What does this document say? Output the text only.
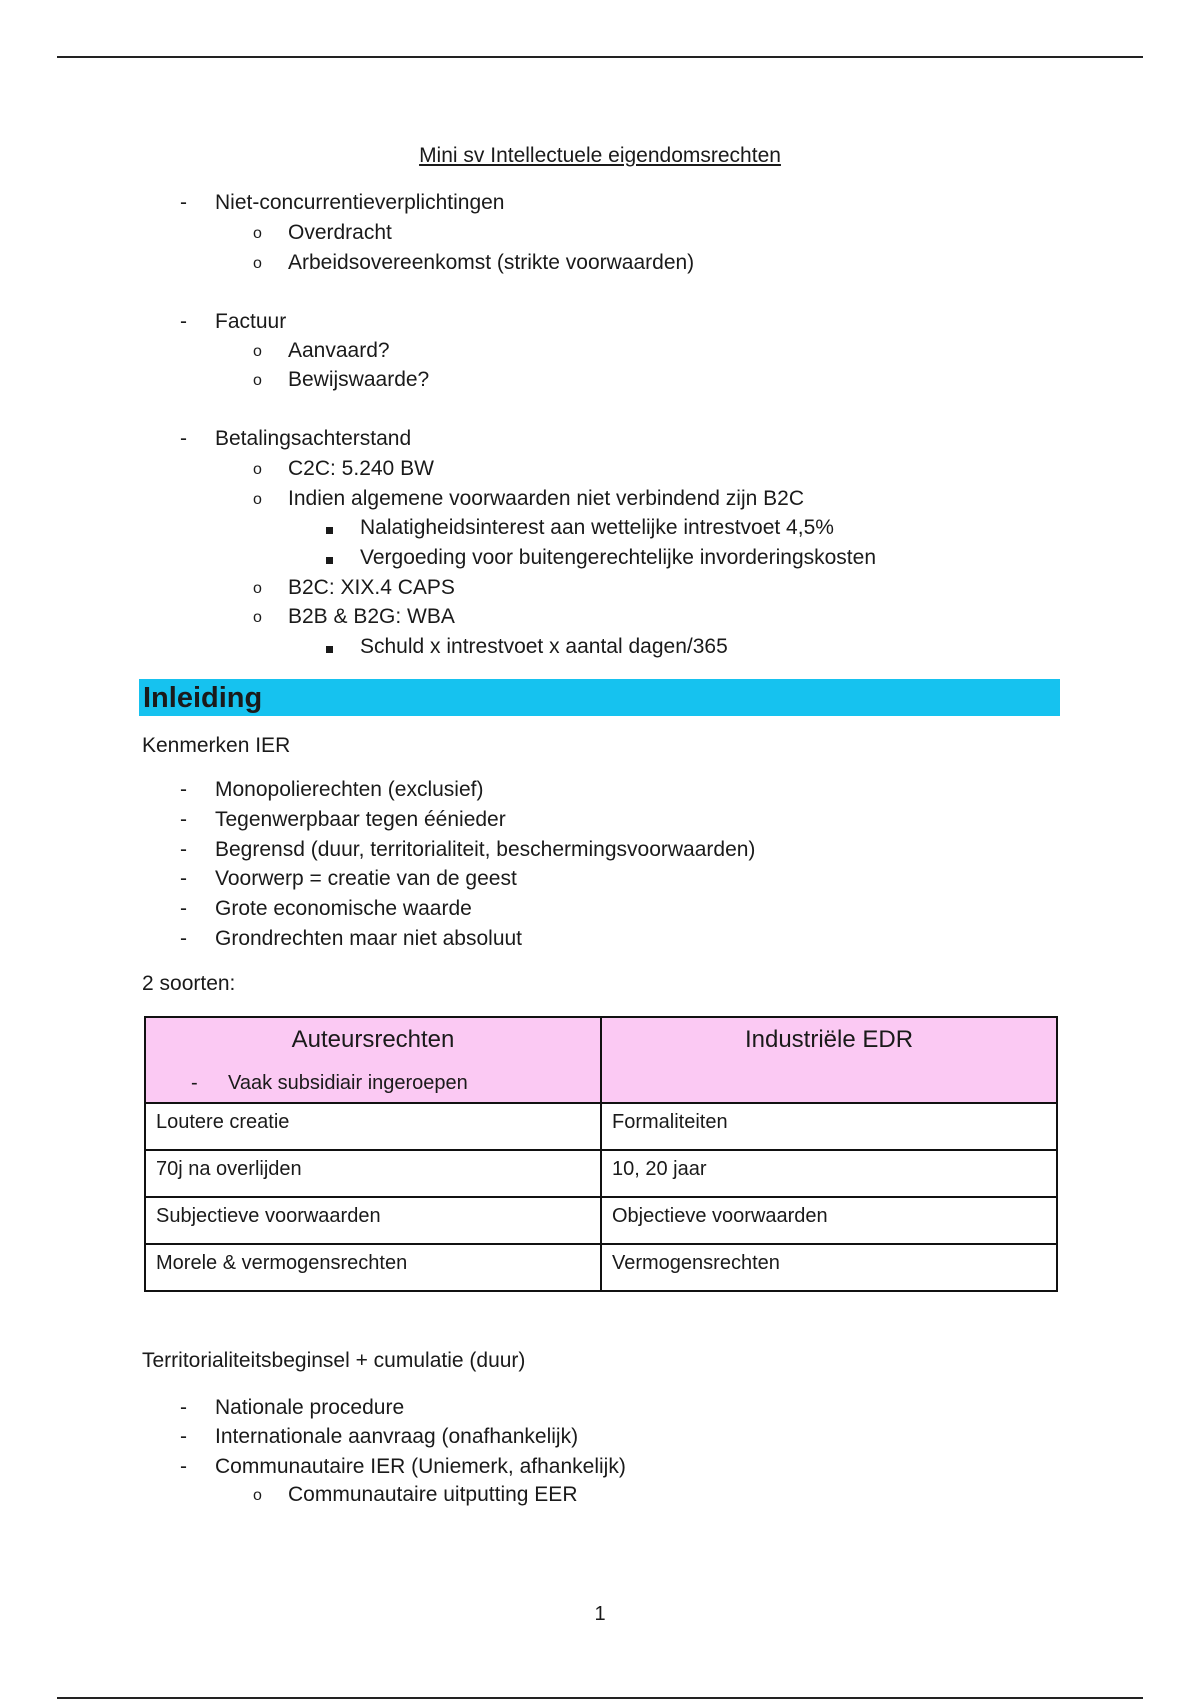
Mini sv Intellectuele eigendomsrechten
- Niet-concurrentieverplichtingen
o Overdracht
o Arbeidsovereenkomst (strikte voorwaarden)
- Factuur
o Aanvaard?
o Bewijswaarde?
- Betalingsachterstand
o C2C: 5.240 BW
o Indien algemene voorwaarden niet verbindend zijn B2C
Nalatigheidsinterest aan wettelijke intrestvoet 4,5%
Vergoeding voor buitengerechtelijke invorderingskosten
o B2C: XIX.4 CAPS
o B2B & B2G: WBA
Schuld x intrestvoet x aantal dagen/365
Inleiding
Kenmerken IER
- Monopolierechten (exclusief)
- Tegenwerpbaar tegen éénieder
- Begrensd (duur, territorialiteit, beschermingsvoorwaarden)
- Voorwerp = creatie van de geest
- Grote economische waarde
- Grondrechten maar niet absoluut
2 soorten:
Auteursrechten
- Vaak subsidiair ingeroepen	Industriële EDR

Loutere creatie	Formaliteiten
70j na overlijden	10, 20 jaar
Subjectieve voorwaarden	Objectieve voorwaarden
Morele & vermogensrechten	Vermogensrechten
Territorialiteitsbeginsel + cumulatie (duur)
- Nationale procedure
- Internationale aanvraag (onafhankelijk)
- Communautaire IER (Uniemerk, afhankelijk)
o Communautaire uitputting EER
1
